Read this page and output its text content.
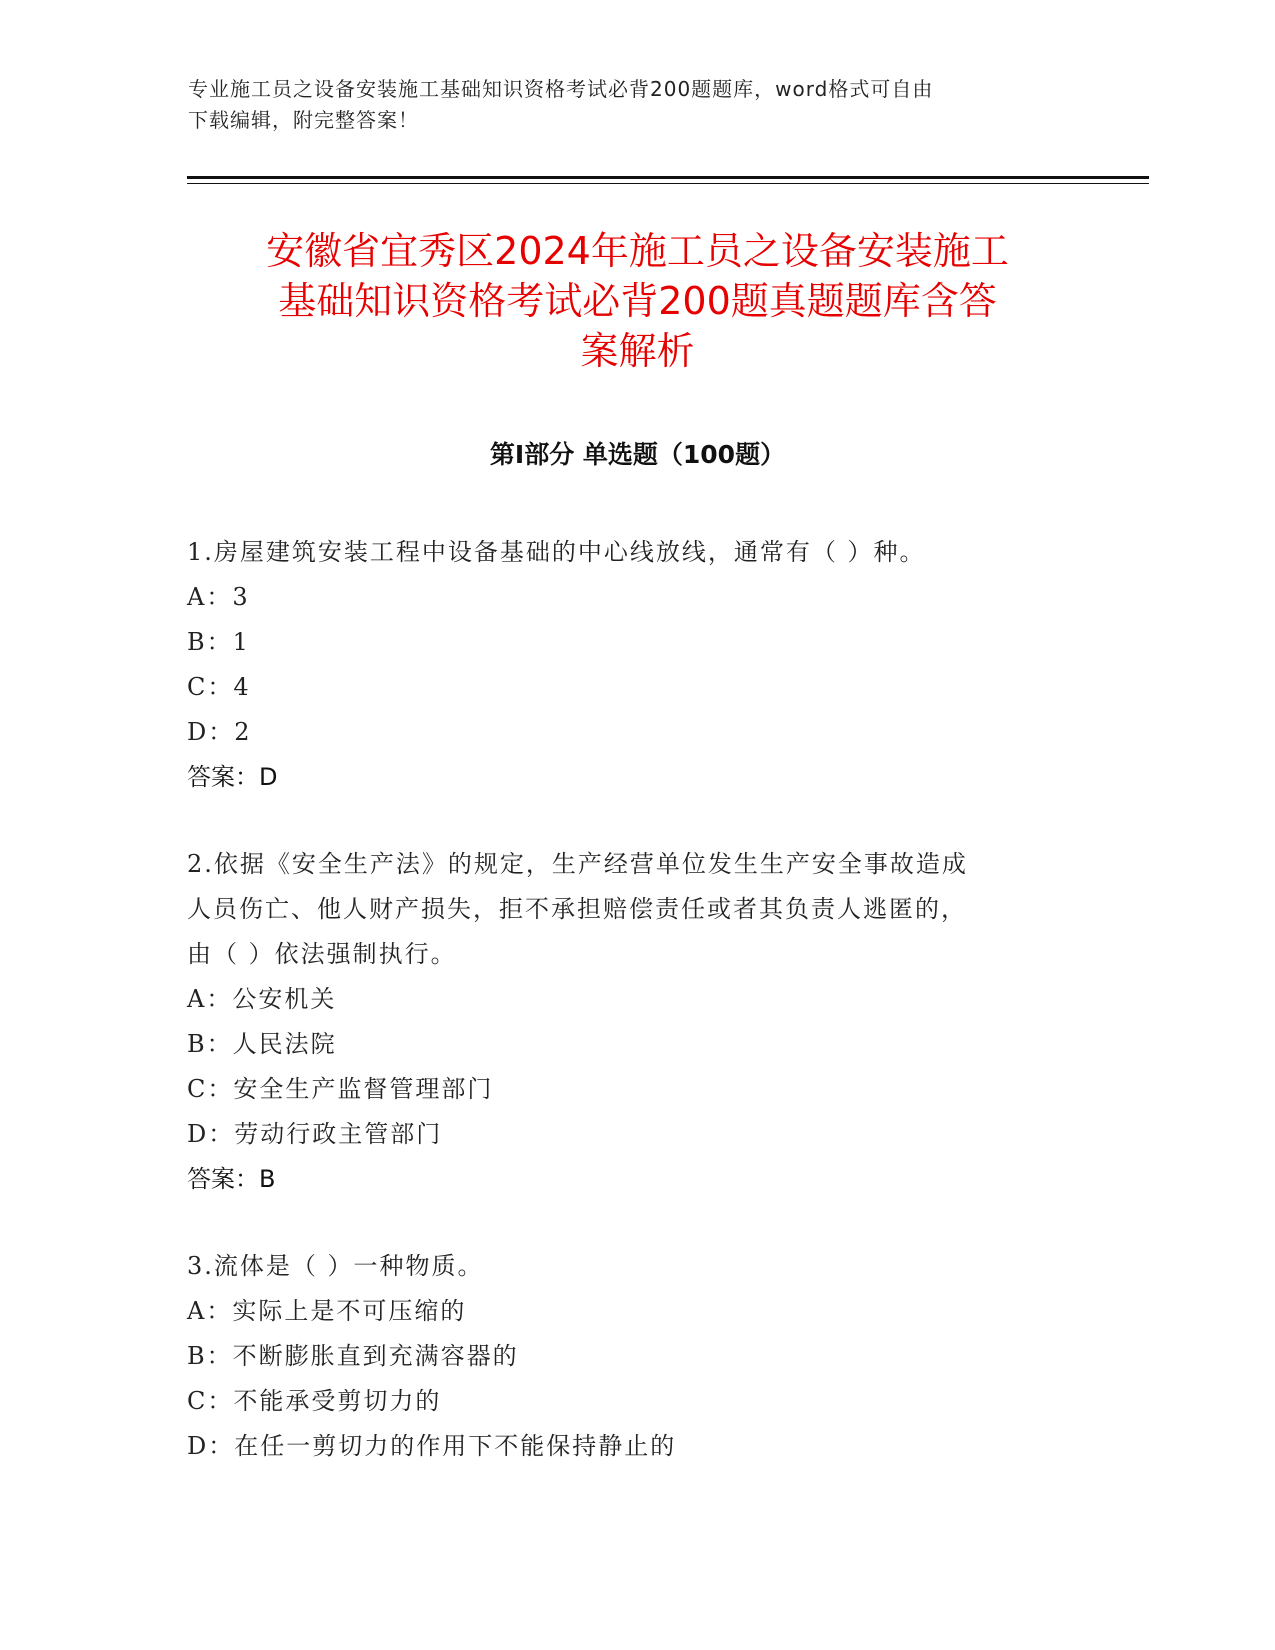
专业施工员之设备安装施工基础知识资格考试必背200题题库，word格式可自由
下载编辑，附完整答案！
安徽省宜秀区2024年施工员之设备安装施工
基础知识资格考试必背200题真题题库含答
案解析
第Ⅰ部分 单选题（100题）
1.房屋建筑安装工程中设备基础的中心线放线，通常有（ ）种。
A：3
B：1
C：4
D：2
答案：D
2.依据《安全生产法》的规定，生产经营单位发生生产安全事故造成
人员伤亡、他人财产损失，拒不承担赔偿责任或者其负责人逃匿的，
由（ ）依法强制执行。
A：公安机关
B：人民法院
C：安全生产监督管理部门
D：劳动行政主管部门
答案：B
3.流体是（ ）一种物质。
A：实际上是不可压缩的
B：不断膨胀直到充满容器的
C：不能承受剪切力的
D：在任一剪切力的作用下不能保持静止的
